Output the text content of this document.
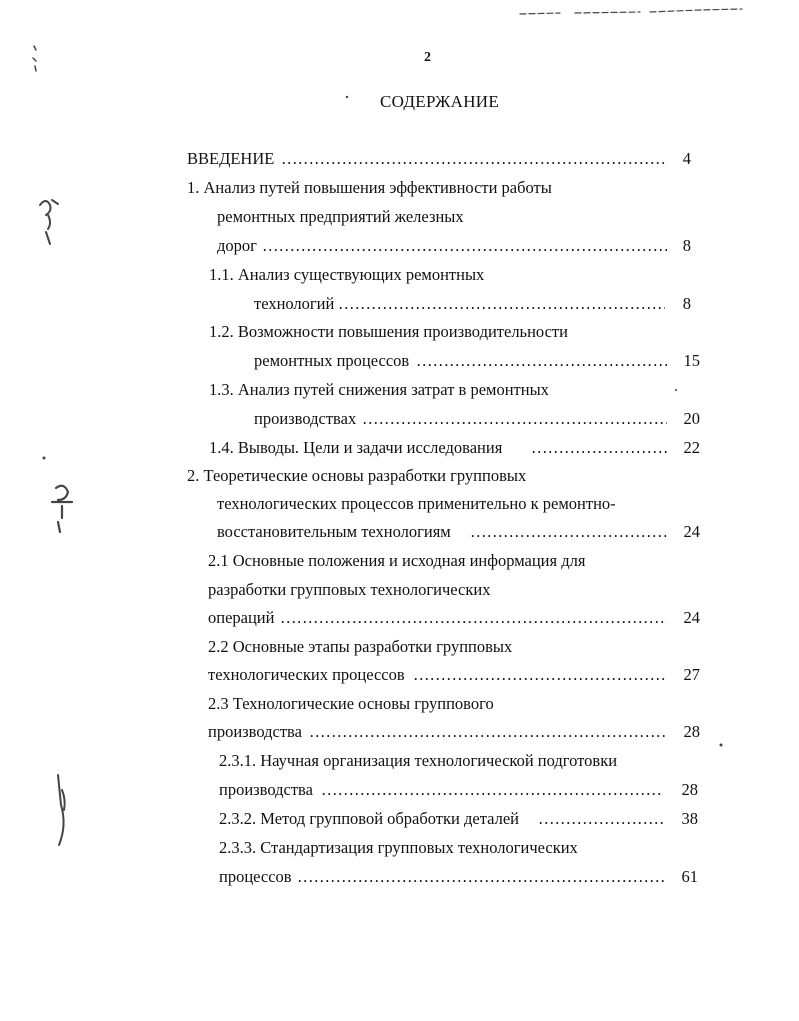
2
СОДЕРЖАНИЕ
ВВЕДЕНИЕ ……………………………………………………………………………………………………………………………………………………………………………	4
1. Анализ путей повышения эффективности работы
ремонтных предприятий железных
дорог ……………………………………………………………………………………………………………………………………………………………………………	8
1.1. Анализ существующих ремонтных
технологий ……………………………………………………………………………………………………………………………………………………………………………	8
1.2. Возможности повышения производительности
ремонтных процессов ……………………………………………………………………………………………………………………………………………………………………………	15
1.3. Анализ путей снижения затрат в ремонтных
производствах ……………………………………………………………………………………………………………………………………………………………………………	20
1.4. Выводы. Цели и задачи исследования ……………………………………………………………………………………………………………………………………………………………………………	22
2. Теоретические основы разработки групповых
технологических процессов применительно к ремонтно-
восстановительным технологиям ……………………………………………………………………………………………………………………………………………………………………………	24
2.1 Основные положения и исходная информация для
разработки групповых технологических
операций ……………………………………………………………………………………………………………………………………………………………………………	24
2.2 Основные этапы разработки групповых
технологических процессов ……………………………………………………………………………………………………………………………………………………………………………	27
2.3 Технологические основы группового
производства ……………………………………………………………………………………………………………………………………………………………………………	28
2.3.1. Научная организация технологической подготовки
производства ……………………………………………………………………………………………………………………………………………………………………………	28
2.3.2. Метод групповой обработки деталей ……………………………………………………………………………………………………………………………………………………………………………	38
2.3.3. Стандартизация групповых технологических
процессов ……………………………………………………………………………………………………………………………………………………………………………	61
